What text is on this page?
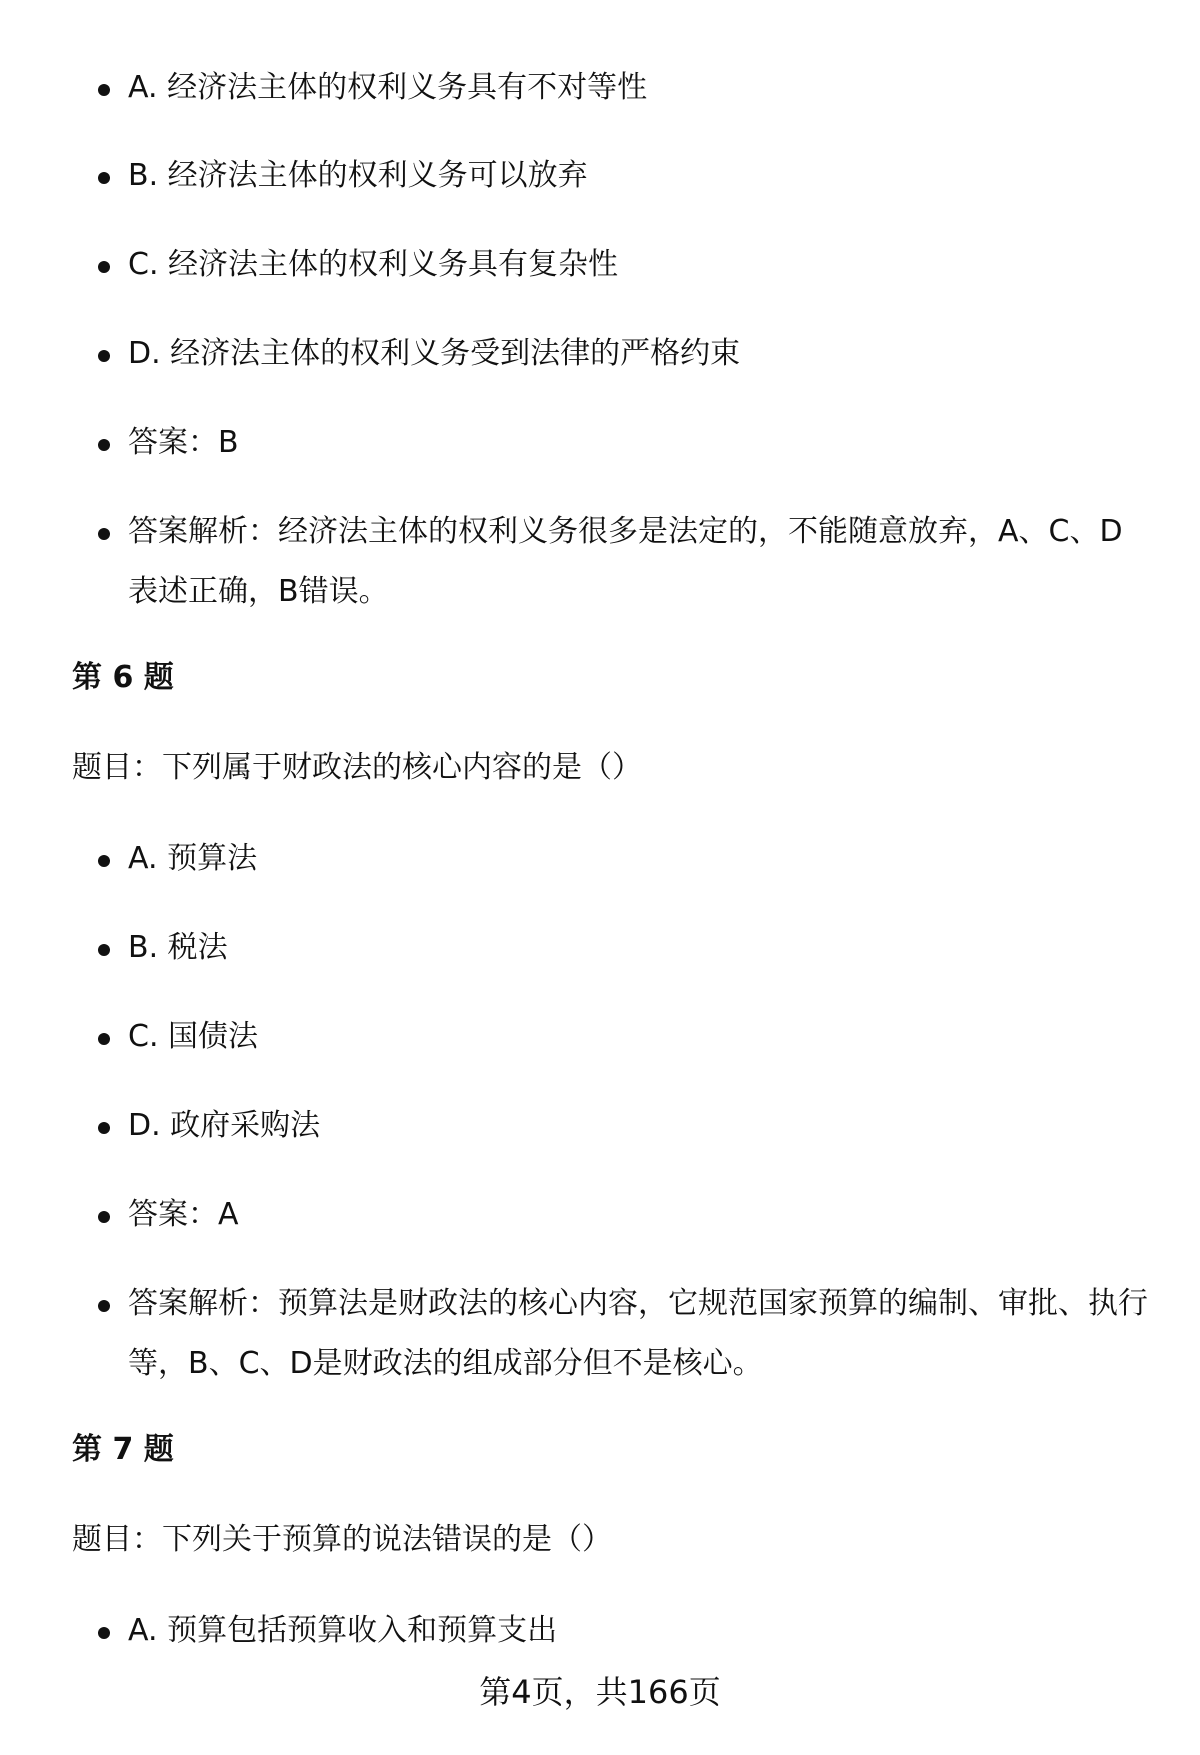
A. 经济法主体的权利义务具有不对等性

B. 经济法主体的权利义务可以放弃

C. 经济法主体的权利义务具有复杂性

D. 经济法主体的权利义务受到法律的严格约束

答案：B

答案解析：经济法主体的权利义务很多是法定的，不能随意放弃，A、C、D表述正确，B错误。

第 6 题

题目：下列属于财政法的核心内容的是（）

A. 预算法

B. 税法

C. 国债法

D. 政府采购法

答案：A

答案解析：预算法是财政法的核心内容，它规范国家预算的编制、审批、执行等，B、C、D是财政法的组成部分但不是核心。

第 7 题

题目：下列关于预算的说法错误的是（）

A. 预算包括预算收入和预算支出

第4页，共166页
